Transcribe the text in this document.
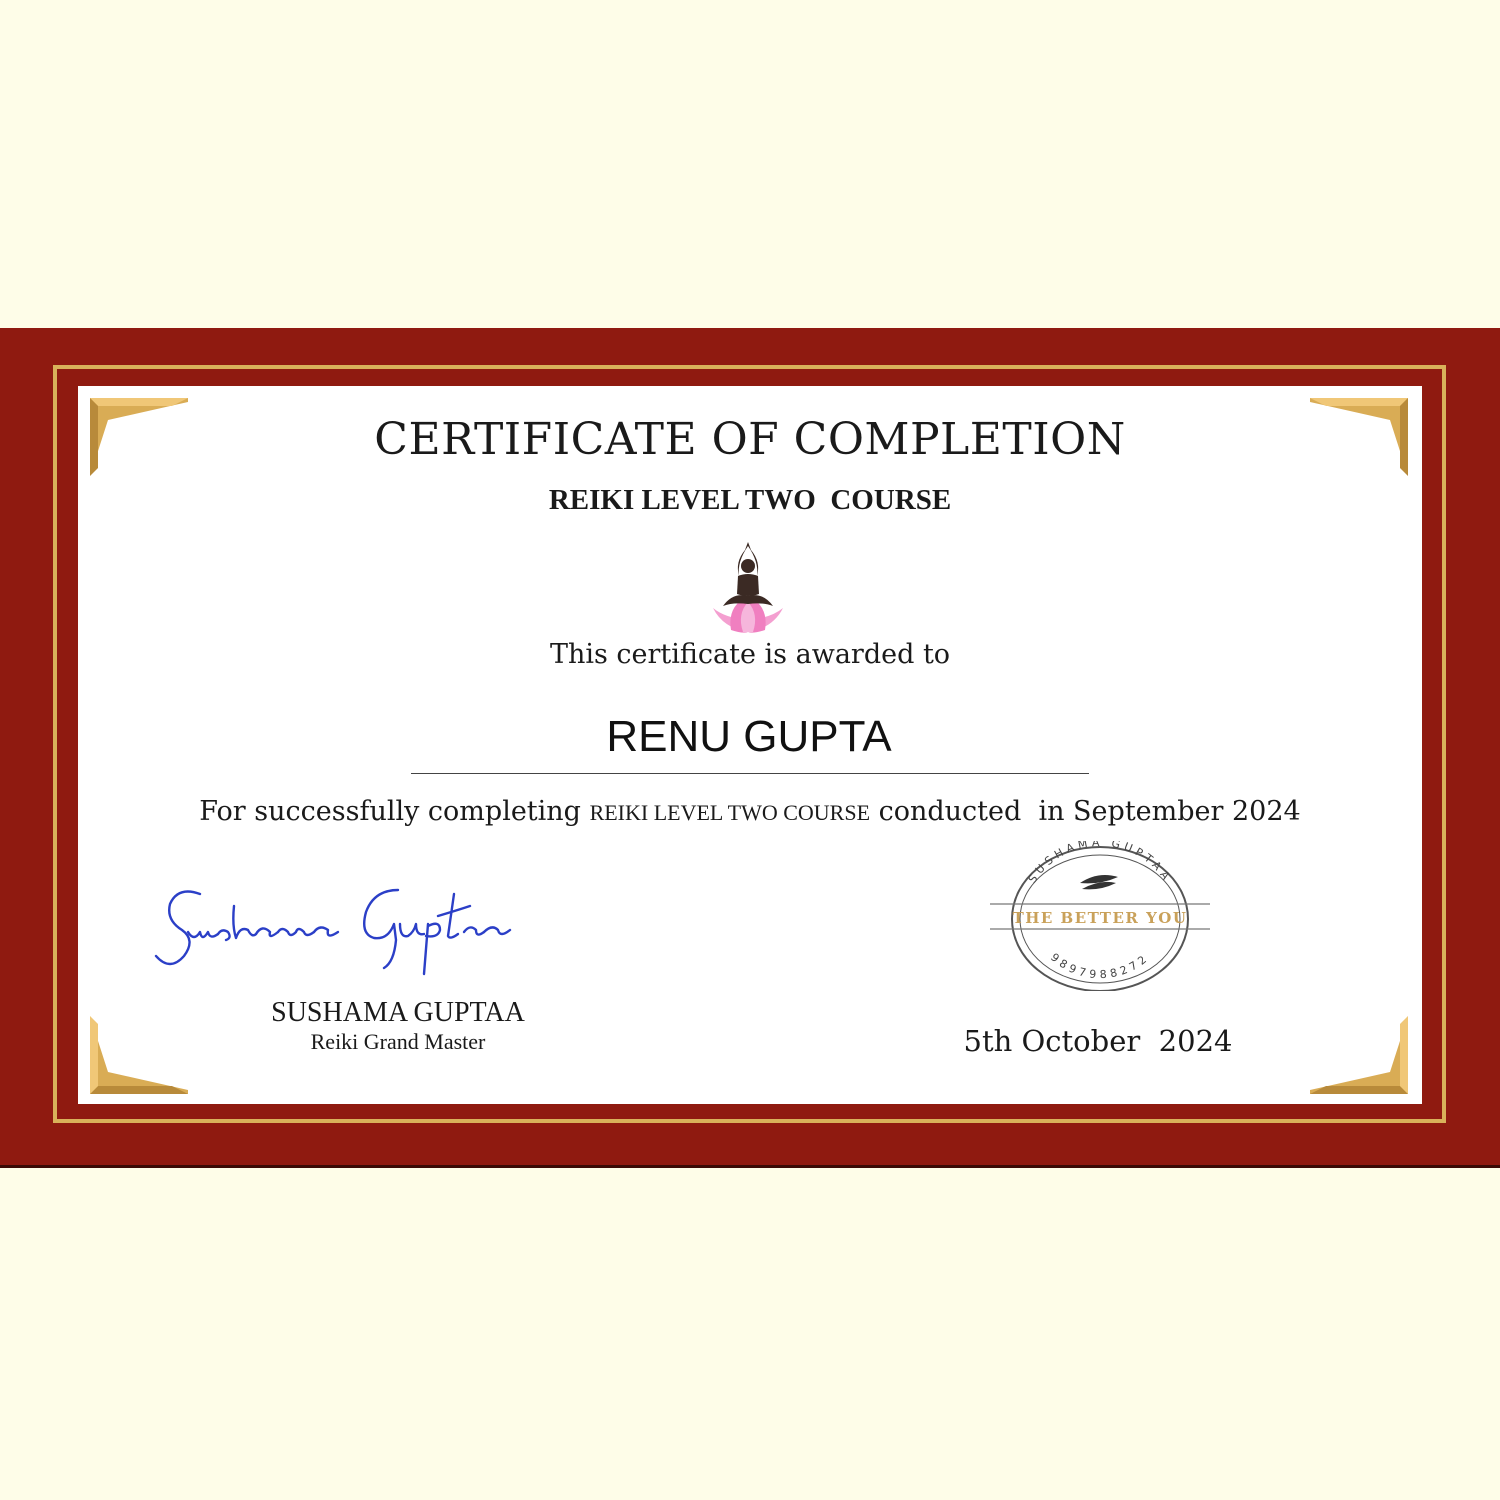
CERTIFICATE OF COMPLETION
REIKI LEVEL TWO  COURSE
This certificate is awarded to
RENU GUPTA
For successfully completing REIKI LEVEL TWO COURSE conducted  in September 2024
SUSHAMA GUPTAA
Reiki Grand Master
SUSHAMA GUPTAA
THE BETTER YOU
9897988272
5th October  2024
